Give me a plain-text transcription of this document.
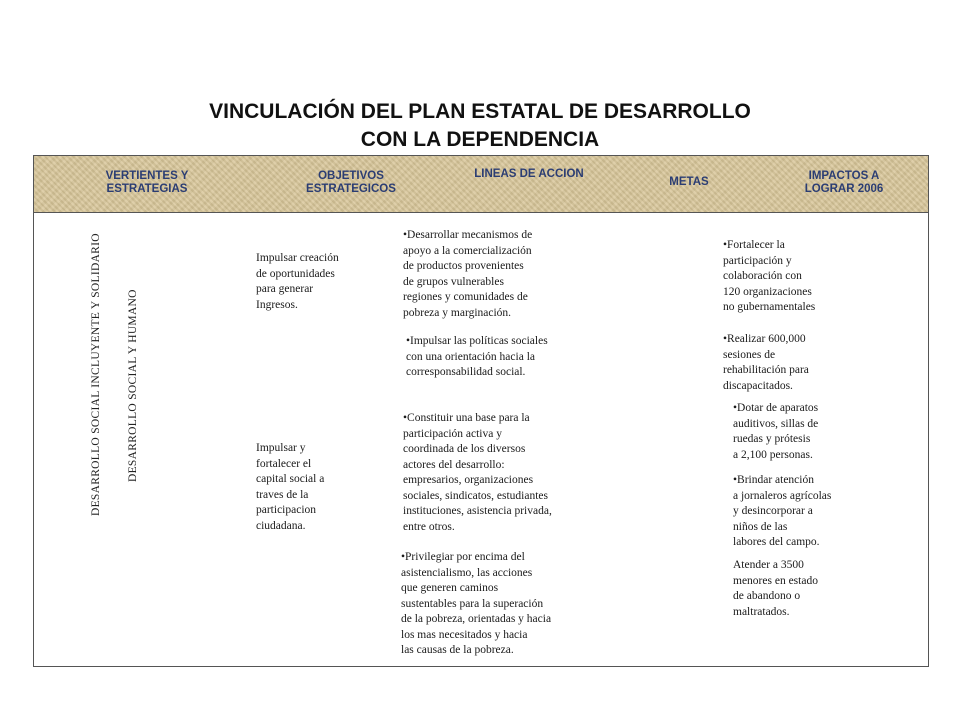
VINCULACIÓN DEL PLAN ESTATAL DE DESARROLLO
CON LA DEPENDENCIA
VERTIENTES Y
ESTRATEGIAS
OBJETIVOS
ESTRATEGICOS
LINEAS DE ACCION
METAS	IMPACTOS A
LOGRAR 2006
DESARROLLO SOCIAL INCLUYENTE Y SOLIDARIO DESARROLLO SOCIAL Y HUMANO
Impulsar creación
de oportunidades
para generar
Ingresos.
Impulsar y
fortalecer el
capital social a
traves de la
participacion
ciudadana.
•Desarrollar mecanismos de
apoyo a la comercialización
de productos provenientes
de grupos vulnerables
regiones y comunidades de
pobreza y marginación.
•Impulsar las políticas sociales
con una orientación hacia la
corresponsabilidad social.
•Constituir una base para la
participación activa y
coordinada de los diversos
actores del desarrollo:
empresarios, organizaciones
sociales, sindicatos, estudiantes
instituciones, asistencia privada,
entre otros.
•Privilegiar por encima del
asistencialismo, las acciones
que generen caminos
sustentables para la superación
de la pobreza, orientadas y hacia
los mas necesitados y hacia
las causas de la pobreza.
•Fortalecer la
participación y
colaboración con
120 organizaciones
no gubernamentales
•Realizar 600,000
sesiones de
rehabilitación para
discapacitados.
•Dotar de aparatos
auditivos, sillas de
ruedas y prótesis
a 2,100 personas.
•Brindar atención
a jornaleros agrícolas
y desincorporar a
niños de las
labores del campo.
Atender a 3500
menores en estado
de abandono o
maltratados.
